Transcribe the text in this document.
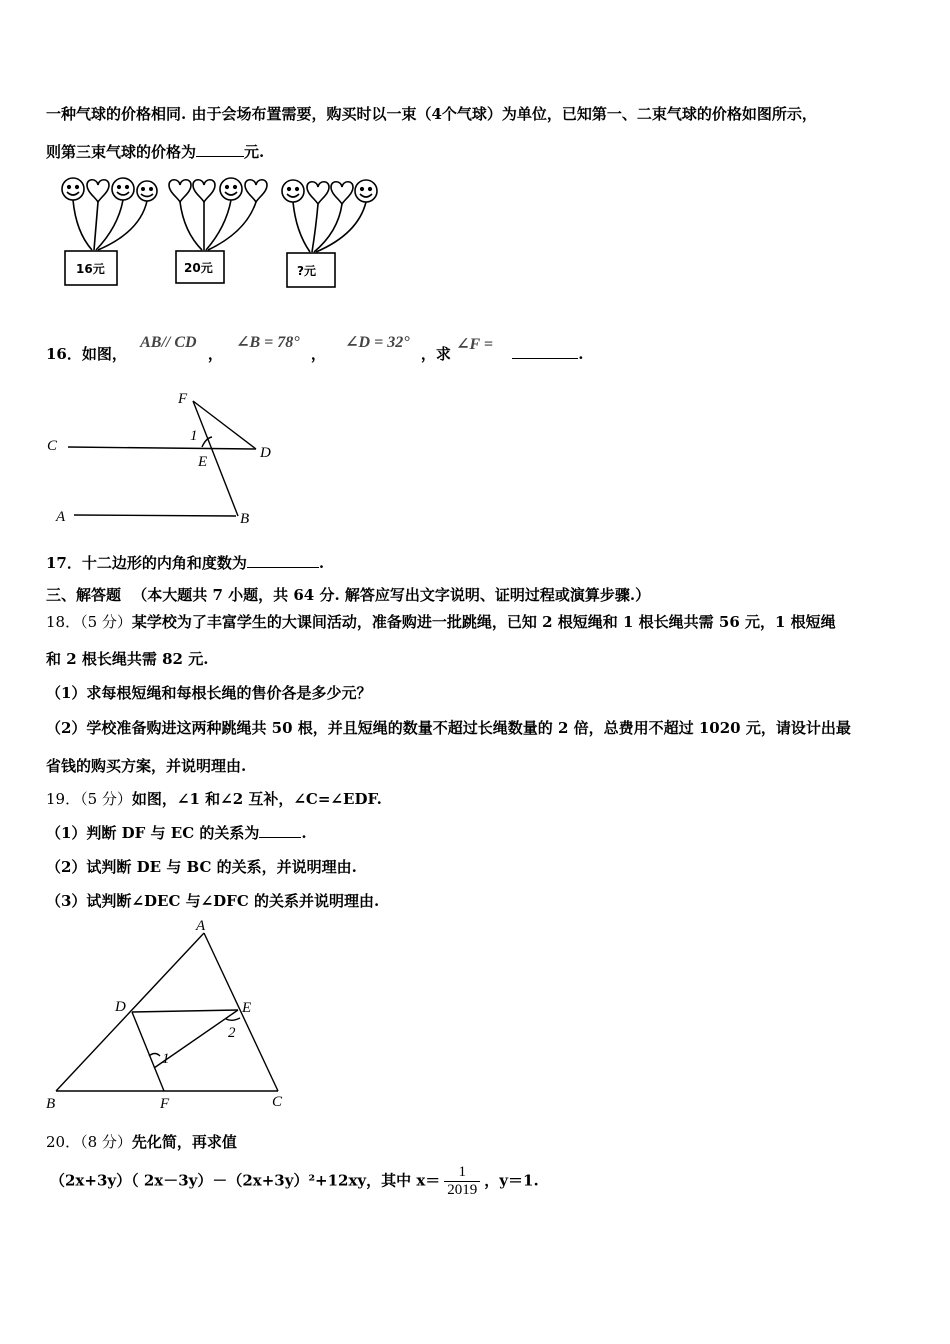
一种气球的价格相同. 由于会场布置需要，购买时以一束（4个气球）为单位，已知第一、二束气球的价格如图所示，
则第三束气球的价格为	元.
16元	20元	?元
16．如图， AB// CD ， ∠B = 78° ， ∠D = 32° ，求 ∠F = .
F
C
1
E
D
A	B
17．十二边形的内角和度数为	.
三、解答题 （本大题共 7 小题，共 64 分. 解答应写出文字说明、证明过程或演算步骤.）
18．（5 分）某学校为了丰富学生的大课间活动，准备购进一批跳绳，已知 2 根短绳和 1 根长绳共需 56 元，1 根短绳
和 2 根长绳共需 82 元.
（1）求每根短绳和每根长绳的售价各是多少元？
（2）学校准备购进这两种跳绳共 50 根，并且短绳的数量不超过长绳数量的 2 倍，总费用不超过 1020 元，请设计出最
省钱的购买方案，并说明理由.
19．（5 分）如图，∠1 和∠2 互补，∠C=∠EDF.
（1）判断 DF 与 EC 的关系为	.
（2）试判断 DE 与 BC 的关系，并说明理由.
（3）试判断∠DEC 与∠DFC 的关系并说明理由.
A
D	E
2
1
B	F	C
20．（8 分）先化简，再求值
（2x+3y）（ 2x－3y）－（2x+3y）²+12xy，其中 $x= \frac{1}{2019}$ ，y＝1.
